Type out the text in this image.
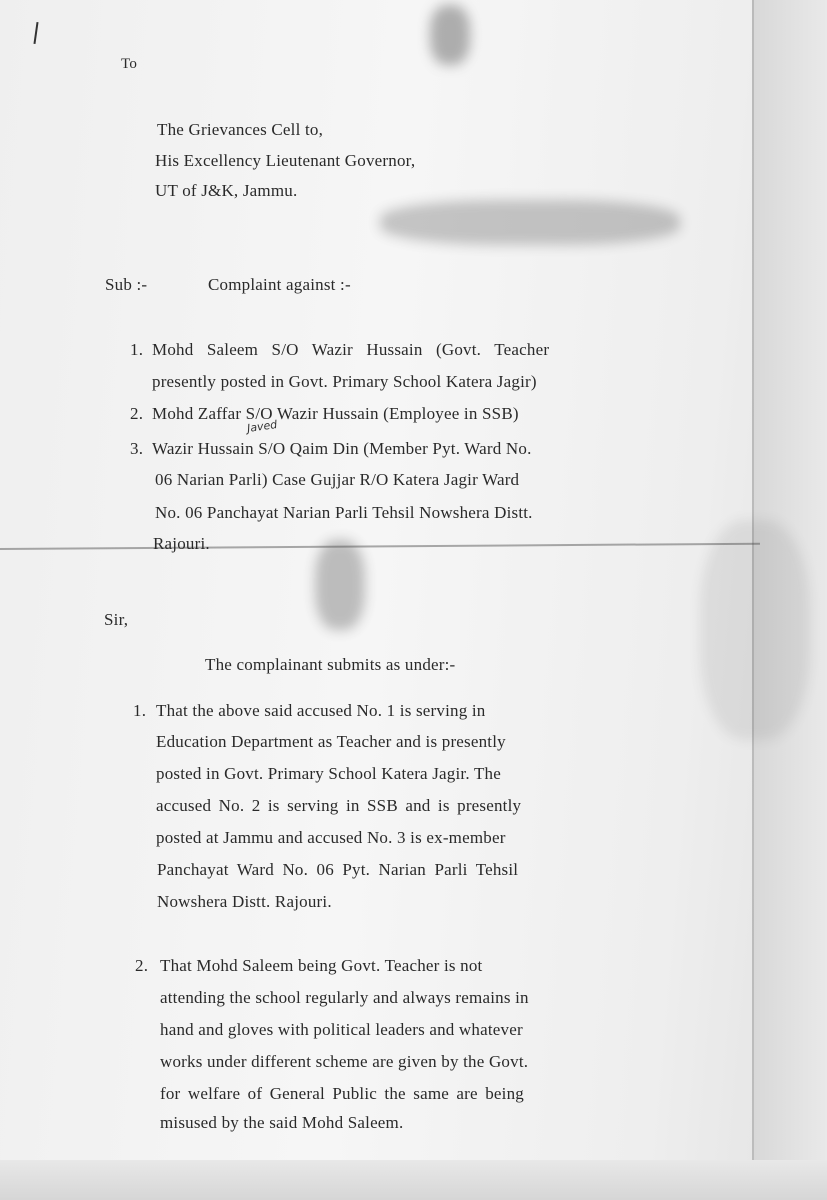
To
The Grievances Cell to,
His Excellency Lieutenant Governor,
UT of J&K, Jammu.
Sub :-	Complaint against :-
1. Mohd Saleem S/O Wazir Hussain (Govt. Teacher
presently posted in Govt. Primary School Katera Jagir)
2. Mohd Zaffar S/O Wazir Hussain (Employee in SSB)
Javed
3. Wazir Hussain S/O Qaim Din (Member Pyt. Ward No.
06 Narian Parli) Case Gujjar R/O Katera Jagir Ward
No. 06 Panchayat Narian Parli Tehsil Nowshera Distt.
Rajouri.
Sir,
The complainant submits as under:-
1. That the above said accused No. 1 is serving in
Education Department as Teacher and is presently
posted in Govt. Primary School Katera Jagir. The
accused No. 2 is serving in SSB and is presently
posted at Jammu and accused No. 3 is ex-member
Panchayat Ward No. 06 Pyt. Narian Parli Tehsil
Nowshera Distt. Rajouri.
2. That Mohd Saleem being Govt. Teacher is not
attending the school regularly and always remains in
hand and gloves with political leaders and whatever
works under different scheme are given by the Govt.
for welfare of General Public the same are being
misused by the said Mohd Saleem.
